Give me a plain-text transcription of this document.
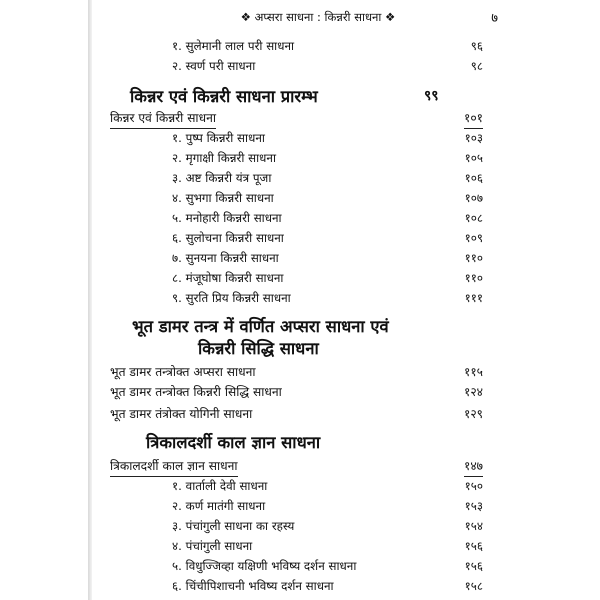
❖ अप्सरा साधना : किन्नरी साधना ❖	७
१. सुलेमानी लाल परी साधना	९६
२. स्वर्ण परी साधना	९८
किन्नर एवं किन्नरी साधना प्रारम्भ	९९
किन्नर एवं किन्नरी साधना	१०१
१. पुष्प किन्नरी साधना	१०३
२. मृगाक्षी किन्नरी साधना	१०५
३. अष्ट किन्नरी यंत्र पूजा	१०६
४. सुभगा किन्नरी साधना	१०७
५. मनोहारी किन्नरी साधना	१०८
६. सुलोचना किन्नरी साधना	१०९
७. सुनयना किन्नरी साधना	११०
८. मंजूघोषा किन्नरी साधना	११०
९. सुरति प्रिय किन्नरी साधना	१११
भूत डामर तन्त्र में वर्णित अप्सरा साधना एवं
किन्नरी सिद्धि साधना
भूत डामर तन्त्रोक्त अप्सरा साधना	११५
भूत डामर तन्त्रोक्त किन्नरी सिद्धि साधना	१२४
भूत डामर तंत्रोक्त योगिनी साधना	१२९
त्रिकालदर्शी काल ज्ञान साधना
त्रिकालदर्शी काल ज्ञान साधना	१४७
१. वार्ताली देवी साधना	१५०
२. कर्ण मातंगी साधना	१५३
३. पंचांगुली साधना का रहस्य	१५४
४. पंचांगुली साधना	१५६
५. विधुज्जिव्हा यक्षिणी भविष्य दर्शन साधना	१५६
६. चिंचीपिशाचनी भविष्य दर्शन साधना	१५८
